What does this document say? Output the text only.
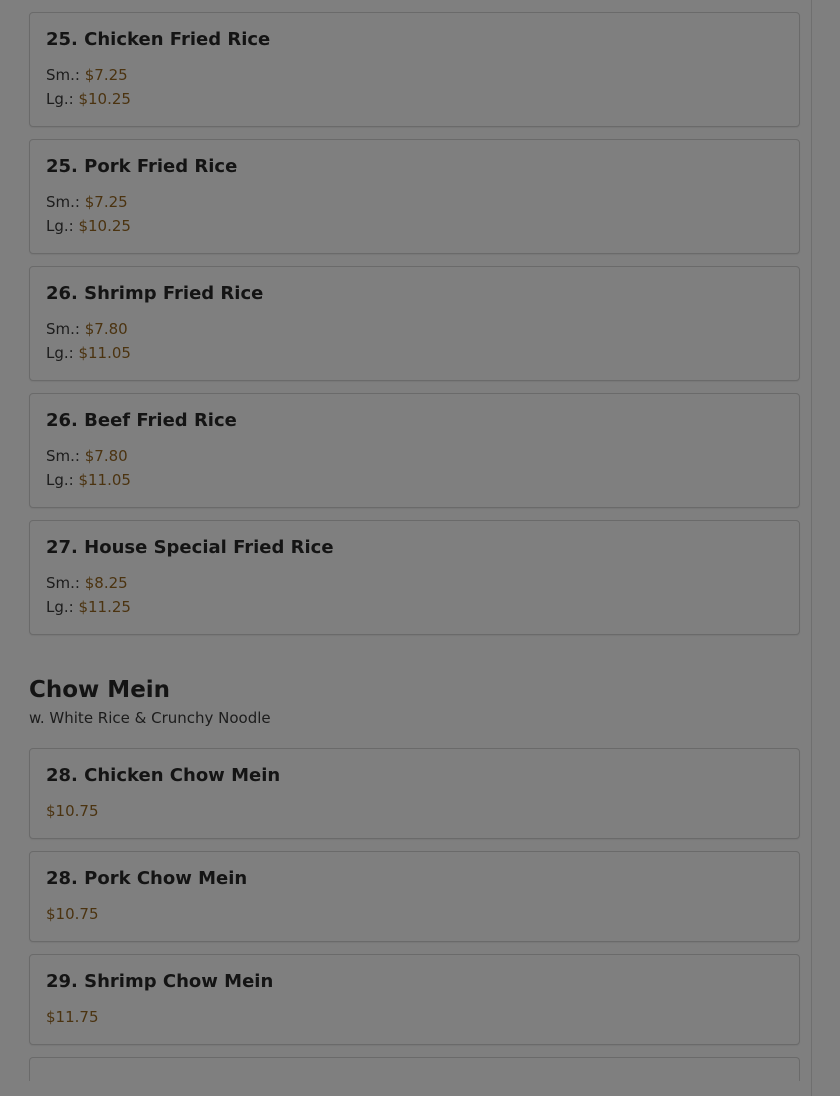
25. Chicken Fried Rice
Sm.: $7.25
Lg.: $10.25
25. Pork Fried Rice
Sm.: $7.25
Lg.: $10.25
26. Shrimp Fried Rice
Sm.: $7.80
Lg.: $11.05
26. Beef Fried Rice
Sm.: $7.80
Lg.: $11.05
27. House Special Fried Rice
Sm.: $8.25
Lg.: $11.25
Chow Mein
w. White Rice & Crunchy Noodle
28. Chicken Chow Mein
$10.75
28. Pork Chow Mein
$10.75
29. Shrimp Chow Mein
$11.75
